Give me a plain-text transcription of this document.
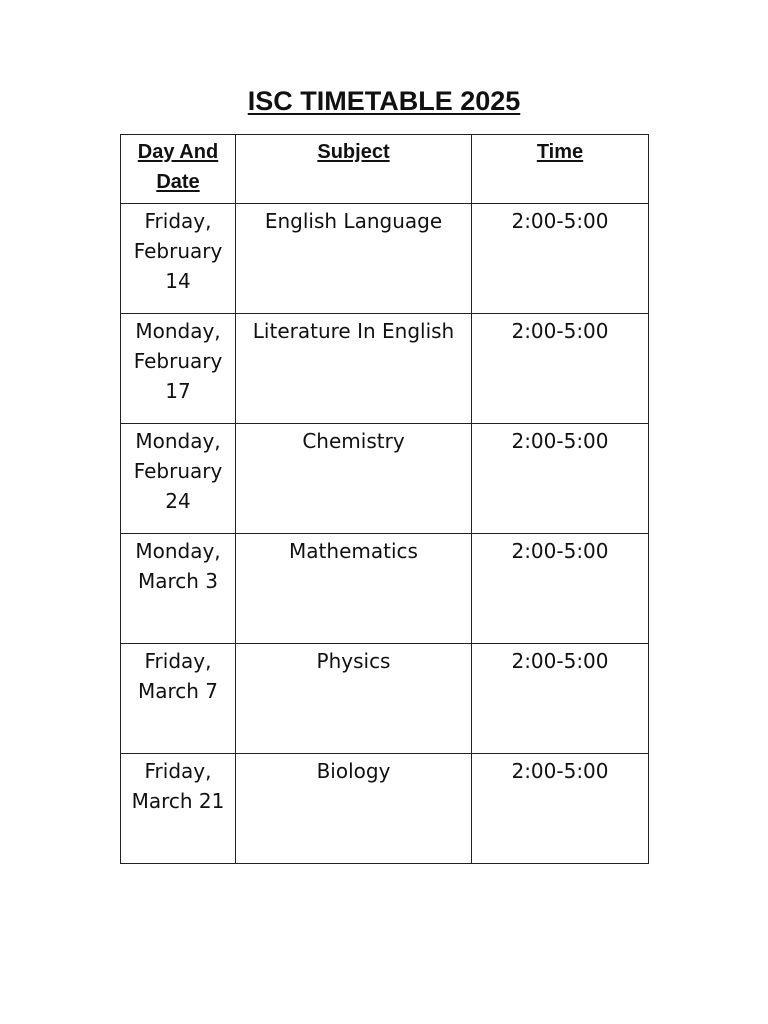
ISC TIMETABLE 2025
Day And Date	Subject	Time
Friday, February 14	English Language	2:00-5:00
Monday, February 17	Literature In English	2:00-5:00
Monday, February 24	Chemistry	2:00-5:00
Monday, March 3	Mathematics	2:00-5:00
Friday, March 7	Physics	2:00-5:00
Friday, March 21	Biology	2:00-5:00
